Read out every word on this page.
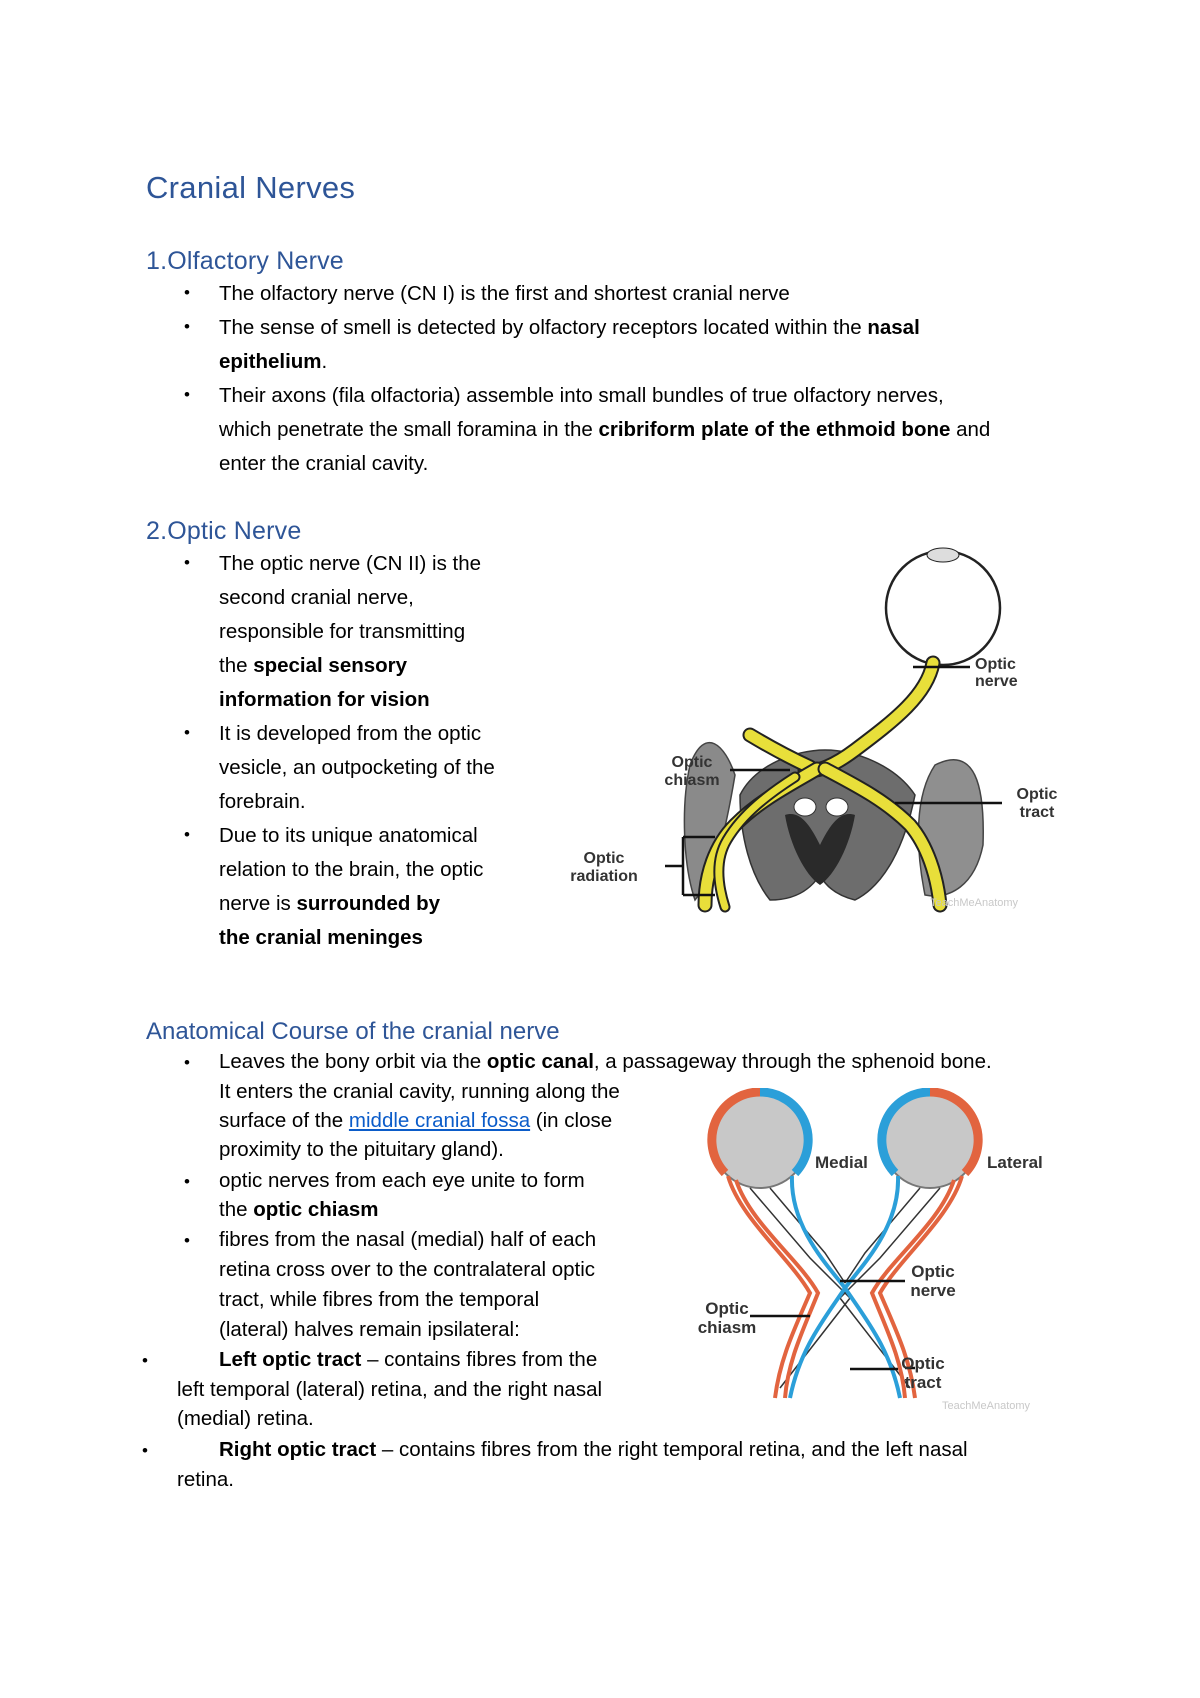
Cranial Nerves
1.Olfactory Nerve
• The olfactory nerve (CN I) is the first and shortest cranial nerve
• The sense of smell is detected by olfactory receptors located within the nasal
epithelium.
• Their axons (fila olfactoria) assemble into small bundles of true olfactory nerves,
which penetrate the small foramina in the cribriform plate of the ethmoid bone and
enter the cranial cavity.
2.Optic Nerve
• The optic nerve (CN II) is the
second cranial nerve,
responsible for transmitting
the special sensory
information for vision
• It is developed from the optic
vesicle, an outpocketing of the
forebrain.
• Due to its unique anatomical
relation to the brain, the optic
nerve is surrounded by
the cranial meninges
Optic
nerve
Optic
chiasm
Optic
tract
Optic
radiation
TeachMeAnatomy
Anatomical Course of the cranial nerve
• Leaves the bony orbit via the optic canal, a passageway through the sphenoid bone.
It enters the cranial cavity, running along the
surface of the middle cranial fossa (in close
proximity to the pituitary gland).
• optic nerves from each eye unite to form
the optic chiasm
• fibres from the nasal (medial) half of each
retina cross over to the contralateral optic
tract, while fibres from the temporal
(lateral) halves remain ipsilateral:
•	Left optic tract – contains fibres from the
left temporal (lateral) retina, and the right nasal
(medial) retina.
•	Right optic tract – contains fibres from the right temporal retina, and the left nasal
retina.
Medial	Lateral
Optic
nerve
Optic
chiasm
Optic
tract
TeachMeAnatomy
